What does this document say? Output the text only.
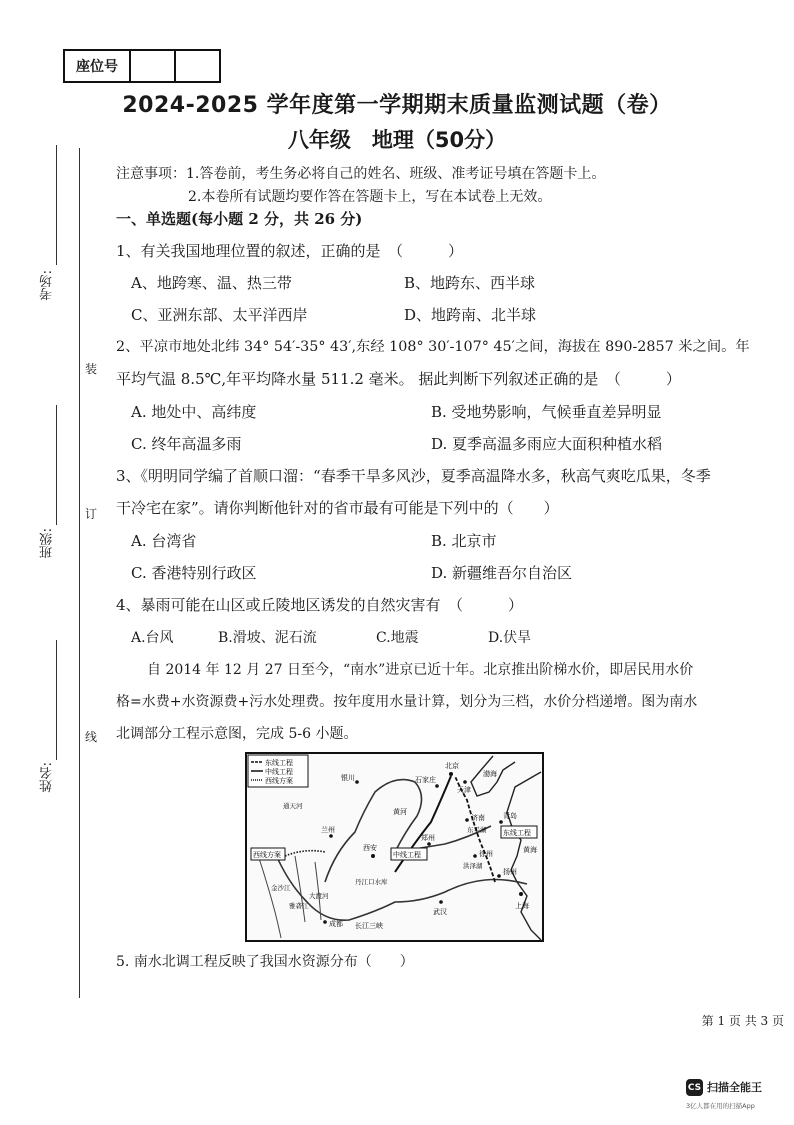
座位号
2024-2025 学年度第一学期期末质量监测试题（卷）
八年级　地理（50分）
考场:
班级:
姓名:
装
订
线
注意事项：1.答卷前，考生务必将自己的姓名、班级、准考证号填在答题卡上。
2.本卷所有试题均要作答在答题卡上，写在本试卷上无效。
一、单选题(每小题 2 分，共 26 分)
1、有关我国地理位置的叙述，正确的是　（　　　）
A、地跨寒、温、热三带	B、地跨东、西半球
C、亚洲东部、太平洋西岸	D、地跨南、北半球
2、平凉市地处北纬 34° 54′-35° 43′,东经 108° 30′-107° 45′之间，海拔在 890-2857 米之间。年
平均气温 8.5℃,年平均降水量 511.2 毫米。 据此判断下列叙述正确的是　（　　　）
A. 地处中、高纬度	B. 受地势影响，气候垂直差异明显
C. 终年高温多雨	D. 夏季高温多雨应大面积种植水稻
3、《明明同学编了首顺口溜：“春季干旱多风沙，夏季高温降水多，秋高气爽吃瓜果，冬季
干冷宅在家”。请你判断他针对的省市最有可能是下列中的（　　）
A. 台湾省	B. 北京市
C. 香港特别行政区	D. 新疆维吾尔自治区
4、暴雨可能在山区或丘陵地区诱发的自然灾害有　（　　　）
A.台风	B.滑坡、泥石流	C.地震	D.伏旱
自 2014 年 12 月 27 日至今，“南水”进京已近十年。北京推出阶梯水价，即居民用水价
格=水费+水资源费+污水处理费。按年度用水量计算，划分为三档，水价分档递增。图为南水
北调部分工程示意图，完成 5-6 小题。
东线工程
中线工程
西线方案
西线方案	中线工程
东线工程
北京
天津
石家庄
济南
东平湖
青岛
郑州
西安
兰州
银川
徐州
洪泽湖
扬州
上海
武汉
长江三峡
丹江口水库
成都
大渡河
雅砻江
金沙江
通天河
黄河
渤海
黄海
5. 南水北调工程反映了我国水资源分布（　　）
第 1 页 共 3 页
CS 扫描全能王
3亿人都在用的扫描App
